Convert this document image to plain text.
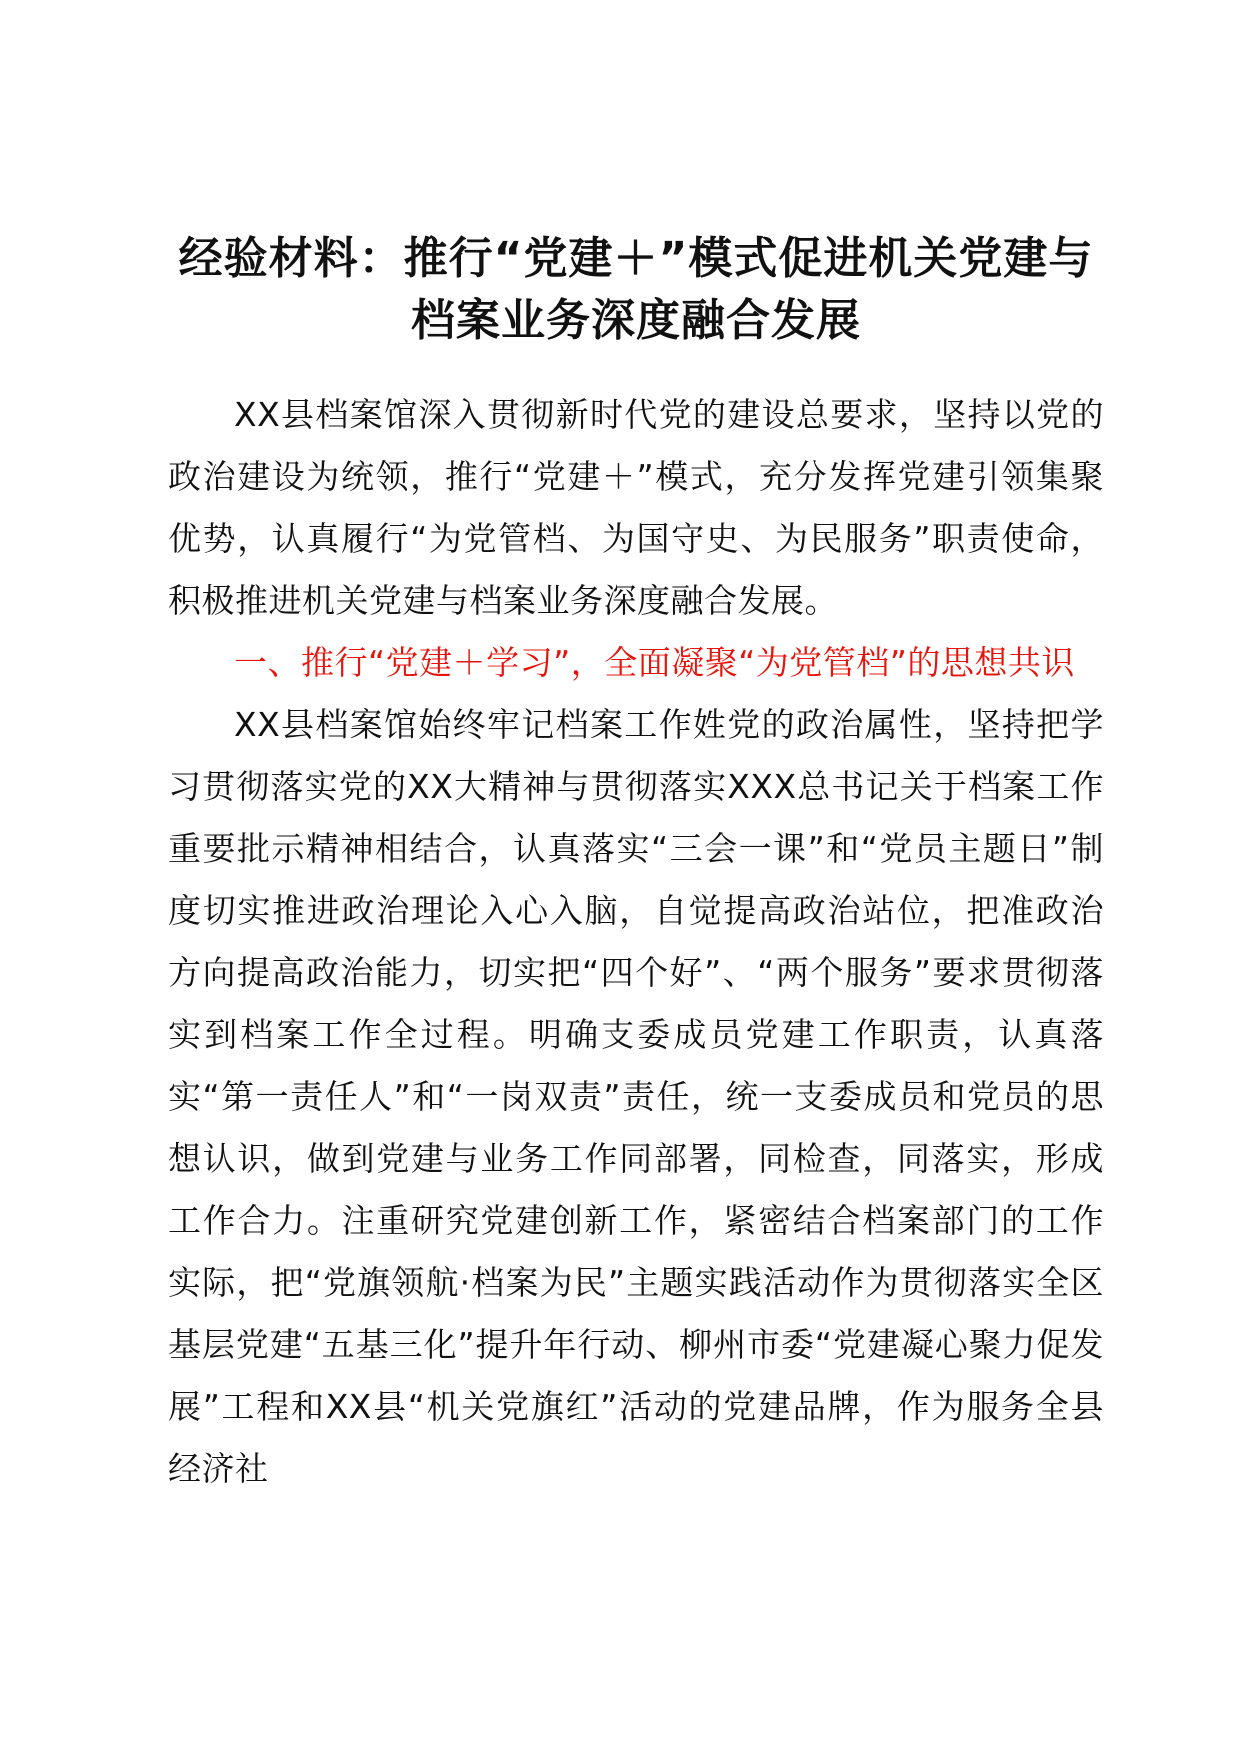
经验材料：推行“党建＋”模式促进机关党建与
档案业务深度融合发展

XX县档案馆深入贯彻新时代党的建设总要求，坚持以党的政治建设为统领，推行“党建＋”模式，充分发挥党建引领集聚优势，认真履行“为党管档、为国守史、为民服务”职责使命，积极推进机关党建与档案业务深度融合发展。

一、推行“党建＋学习”，全面凝聚“为党管档”的思想共识

XX县档案馆始终牢记档案工作姓党的政治属性，坚持把学习贯彻落实党的XX大精神与贯彻落实XXX总书记关于档案工作重要批示精神相结合，认真落实“三会一课”和“党员主题日”制度切实推进政治理论入心入脑，自觉提高政治站位，把准政治方向提高政治能力，切实把“四个好”、“两个服务”要求贯彻落实到档案工作全过程。明确支委成员党建工作职责，认真落实“第一责任人”和“一岗双责”责任，统一支委成员和党员的思想认识，做到党建与业务工作同部署，同检查，同落实，形成工作合力。注重研究党建创新工作，紧密结合档案部门的工作实际，把“党旗领航·档案为民”主题实践活动作为贯彻落实全区基层党建“五基三化”提升年行动、柳州市委“党建凝心聚力促发展”工程和XX县“机关党旗红”活动的党建品牌，作为服务全县经济社
